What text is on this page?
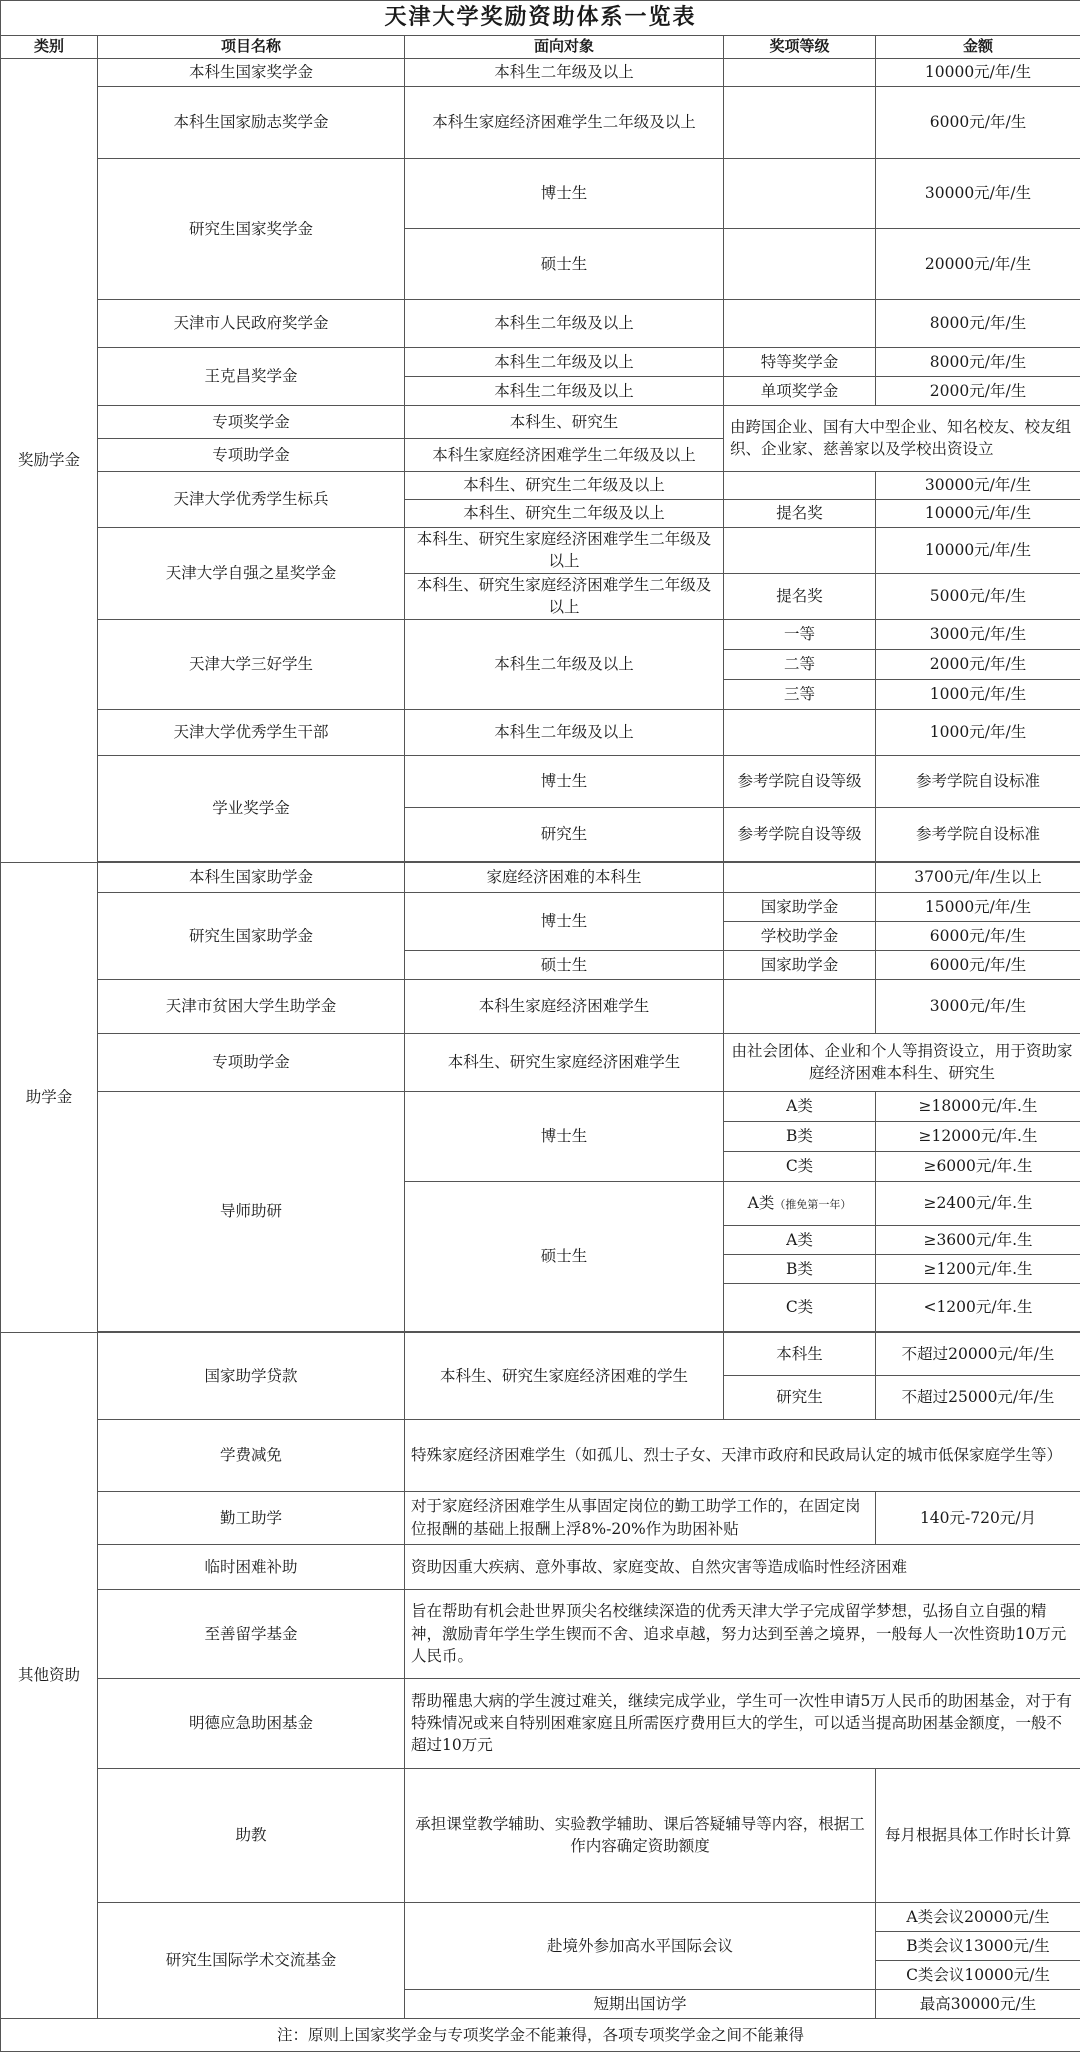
天津大学奖励资助体系一览表				
类别	项目名称	面向对象	奖项等级	金额
奖励学金	本科生国家奖学金	本科生二年级及以上		10000元/年/生
	本科生国家励志奖学金	本科生家庭经济困难学生二年级及以上		6000元/年/生
	研究生国家奖学金	博士生		30000元/年/生
		硕士生		20000元/年/生
	天津市人民政府奖学金	本科生二年级及以上		8000元/年/生
	王克昌奖学金	本科生二年级及以上	特等奖学金	8000元/年/生
		本科生二年级及以上	单项奖学金	2000元/年/生
	专项奖学金	本科生、研究生	由跨国企业、国有大中型企业、知名校友、校友组织、企业家、慈善家以及学校出资设立	
	专项助学金	本科生家庭经济困难学生二年级及以上		
	天津大学优秀学生标兵	本科生、研究生二年级及以上		30000元/年/生
		本科生、研究生二年级及以上	提名奖	10000元/年/生
	天津大学自强之星奖学金	本科生、研究生家庭经济困难学生二年级及以上		10000元/年/生
		本科生、研究生家庭经济困难学生二年级及以上	提名奖	5000元/年/生
	天津大学三好学生	本科生二年级及以上	一等	3000元/年/生
			二等	2000元/年/生
			三等	1000元/年/生
	天津大学优秀学生干部	本科生二年级及以上		1000元/年/生
	学业奖学金	博士生	参考学院自设等级	参考学院自设标准
		研究生	参考学院自设等级	参考学院自设标准

助学金	本科生国家助学金	家庭经济困难的本科生		3700元/年/生以上
	研究生国家助学金	博士生	国家助学金	15000元/年/生
			学校助学金	6000元/年/生
		硕士生	国家助学金	6000元/年/生
	天津市贫困大学生助学金	本科生家庭经济困难学生		3000元/年/生
	专项助学金	本科生、研究生家庭经济困难学生	由社会团体、企业和个人等捐资设立，用于资助家庭经济困难本科生、研究生	
	导师助研	博士生	A类	≥18000元/年.生
			B类	≥12000元/年.生
			C类	≥6000元/年.生
		硕士生	A类（推免第一年）	≥2400元/年.生
			A类	≥3600元/年.生
			B类	≥1200元/年.生
			C类	<1200元/年.生

其他资助	国家助学贷款	本科生、研究生家庭经济困难的学生	本科生	不超过20000元/年/生
			研究生	不超过25000元/年/生
	学费减免	特殊家庭经济困难学生（如孤儿、烈士子女、天津市政府和民政局认定的城市低保家庭学生等）		
	勤工助学	对于家庭经济困难学生从事固定岗位的勤工助学工作的，在固定岗位报酬的基础上报酬上浮8%-20%作为助困补贴		140元-720元/月
	临时困难补助	资助因重大疾病、意外事故、家庭变故、自然灾害等造成临时性经济困难		
	至善留学基金	旨在帮助有机会赴世界顶尖名校继续深造的优秀天津大学子完成留学梦想，弘扬自立自强的精神，激励青年学生学生锲而不舍、追求卓越，努力达到至善之境界，一般每人一次性资助10万元人民币。		
	明德应急助困基金	帮助罹患大病的学生渡过难关，继续完成学业，学生可一次性申请5万人民币的助困基金，对于有特殊情况或来自特别困难家庭且所需医疗费用巨大的学生，可以适当提高助困基金额度，一般不超过10万元		
	助教	承担课堂教学辅助、实验教学辅助、课后答疑辅导等内容，根据工作内容确定资助额度		每月根据具体工作时长计算
	研究生国际学术交流基金	赴境外参加高水平国际会议		A类会议20000元/生
				B类会议13000元/生
				C类会议10000元/生
		短期出国访学		最高30000元/生
注：原则上国家奖学金与专项奖学金不能兼得，各项专项奖学金之间不能兼得				
